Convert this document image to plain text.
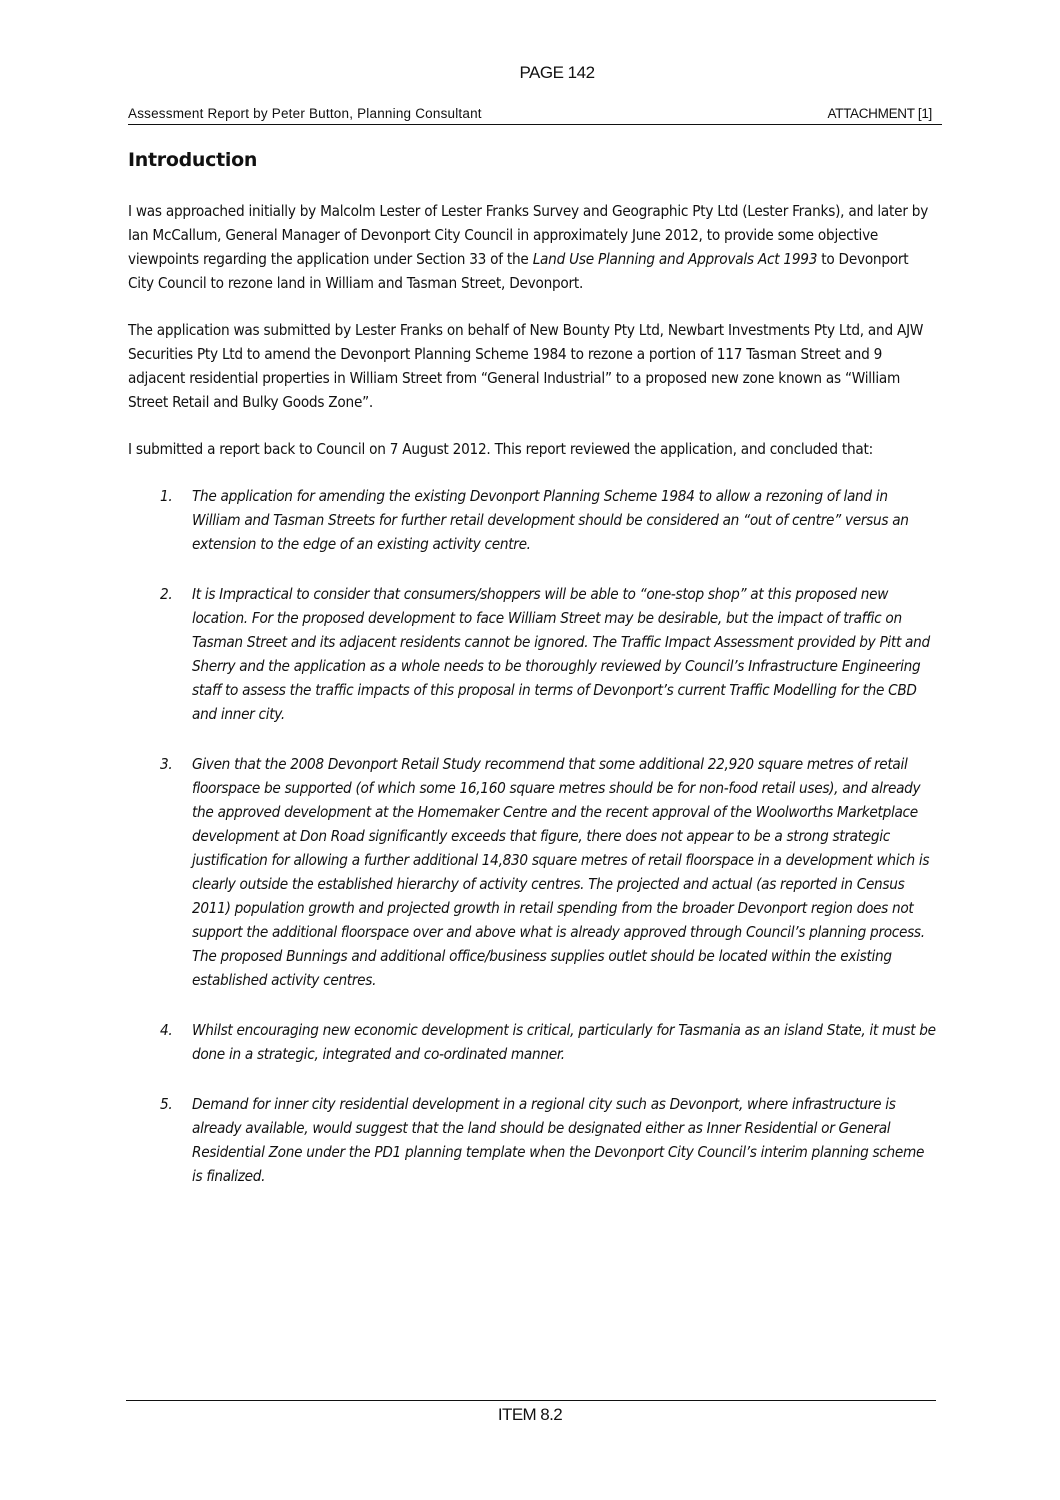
PAGE 142
Assessment Report by Peter Button, Planning Consultant	ATTACHMENT [1]
Introduction

I was approached initially by Malcolm Lester of Lester Franks Survey and Geographic Pty Ltd (Lester Franks), and later by Ian McCallum, General Manager of Devonport City Council in approximately June 2012, to provide some objective viewpoints regarding the application under Section 33 of the Land Use Planning and Approvals Act 1993 to Devonport City Council to rezone land in William and Tasman Street, Devonport.

The application was submitted by Lester Franks on behalf of New Bounty Pty Ltd, Newbart Investments Pty Ltd, and AJW Securities Pty Ltd to amend the Devonport Planning Scheme 1984 to rezone a portion of 117 Tasman Street and 9 adjacent residential properties in William Street from “General Industrial” to a proposed new zone known as “William Street Retail and Bulky Goods Zone”.

I submitted a report back to Council on 7 August 2012. This report reviewed the application, and concluded that:

1. The application for amending the existing Devonport Planning Scheme 1984 to allow a rezoning of land in William and Tasman Streets for further retail development should be considered an “out of centre” versus an extension to the edge of an existing activity centre.
2. It is Impractical to consider that consumers/shoppers will be able to “one-stop shop” at this proposed new location. For the proposed development to face William Street may be desirable, but the impact of traffic on Tasman Street and its adjacent residents cannot be ignored. The Traffic Impact Assessment provided by Pitt and Sherry and the application as a whole needs to be thoroughly reviewed by Council’s Infrastructure Engineering staff to assess the traffic impacts of this proposal in terms of Devonport’s current Traffic Modelling for the CBD and inner city.
3. Given that the 2008 Devonport Retail Study recommend that some additional 22,920 square metres of retail floorspace be supported (of which some 16,160 square metres should be for non-food retail uses), and already the approved development at the Homemaker Centre and the recent approval of the Woolworths Marketplace development at Don Road significantly exceeds that figure, there does not appear to be a strong strategic justification for allowing a further additional 14,830 square metres of retail floorspace in a development which is clearly outside the established hierarchy of activity centres. The projected and actual (as reported in Census 2011) population growth and projected growth in retail spending from the broader Devonport region does not support the additional floorspace over and above what is already approved through Council’s planning process. The proposed Bunnings and additional office/business supplies outlet should be located within the existing established activity centres.
4. Whilst encouraging new economic development is critical, particularly for Tasmania as an island State, it must be done in a strategic, integrated and co-ordinated manner.
5. Demand for inner city residential development in a regional city such as Devonport, where infrastructure is already available, would suggest that the land should be designated either as Inner Residential or General Residential Zone under the PD1 planning template when the Devonport City Council’s interim planning scheme is finalized.
ITEM 8.2
